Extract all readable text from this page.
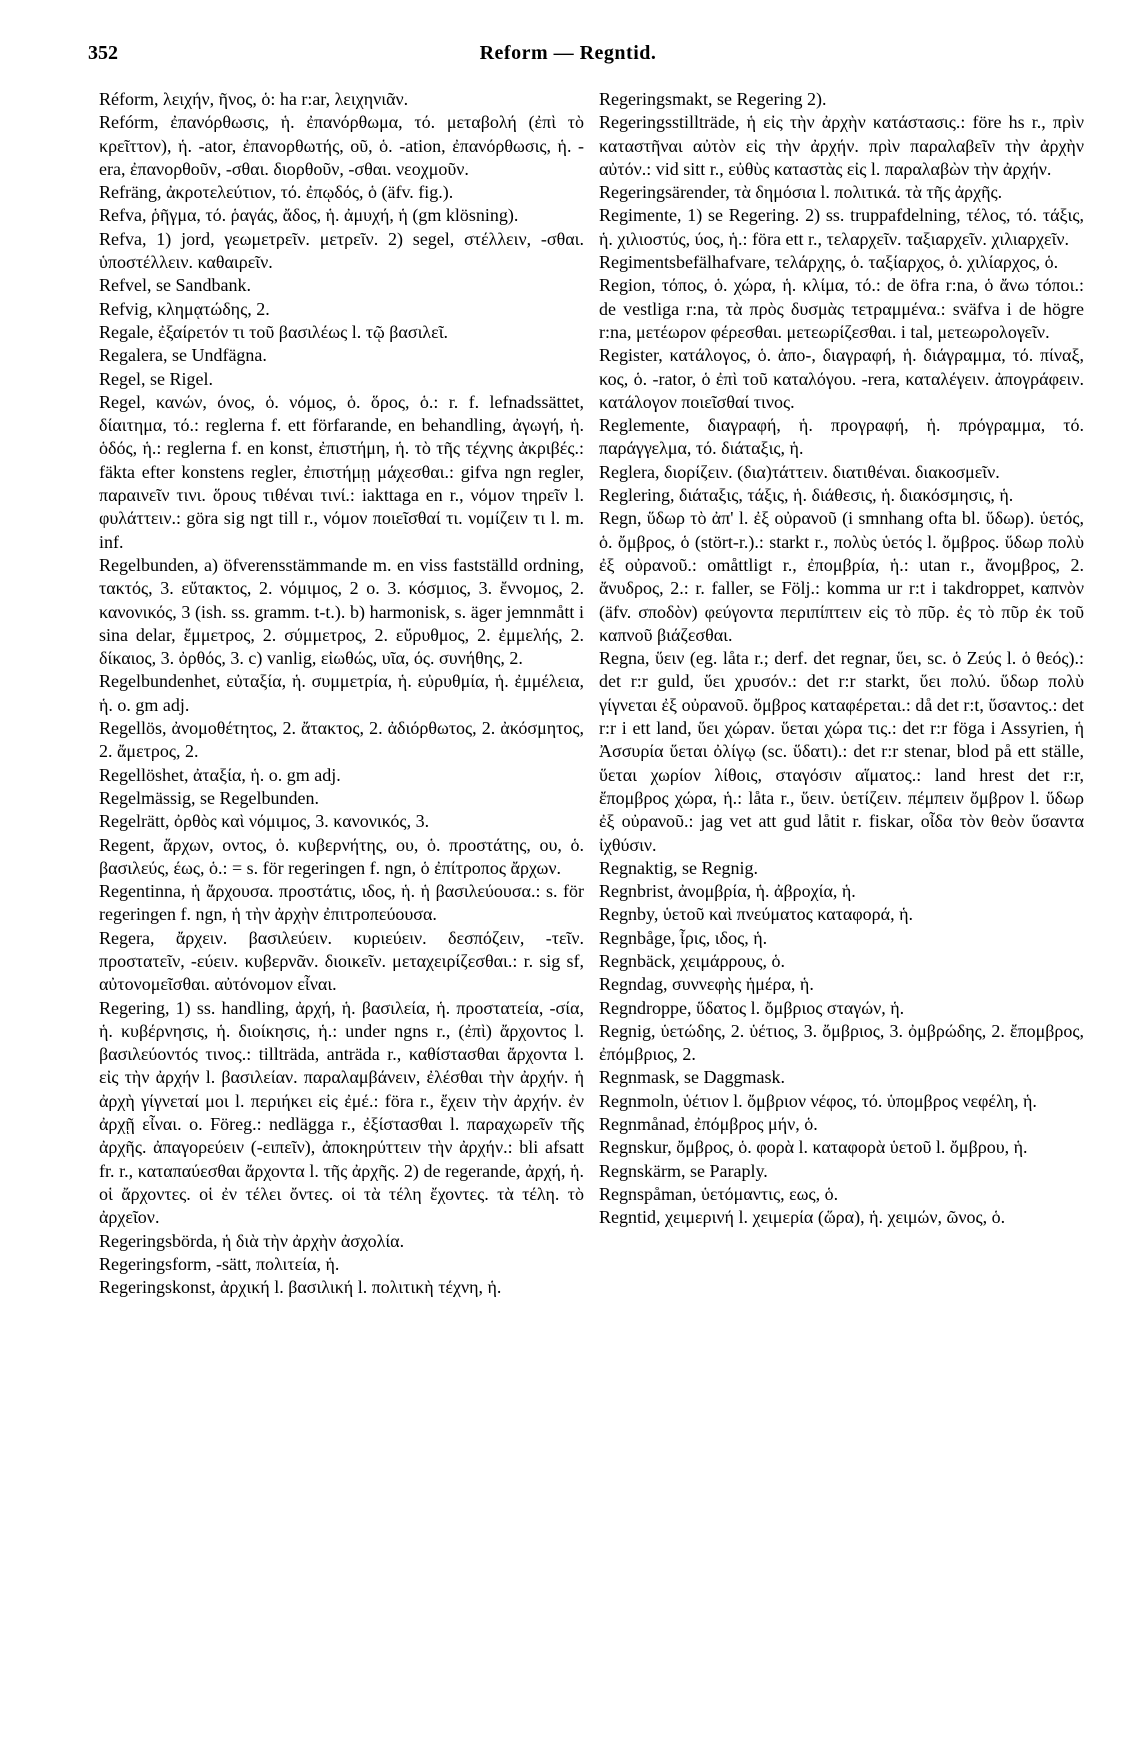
352	Reform — Regntid.
Réform, λειχήν, ῆνος, ὁ: ha r:ar, λειχηνιᾶν.
Refórm, ἐπανόρθωσις, ἡ. ἐπανόρθωμα, τό. μεταβολή (ἐπὶ τὸ κρεῖττον), ἡ. -ator, ἐπανορθωτής, οῦ, ὁ. -ation, ἐπανόρθωσις, ἡ. -era, ἐπανορθοῦν, -σθαι. διορθοῦν, -σθαι. νεοχμοῦν.
Refräng, ἀκροτελεύτιον, τό. ἐπῳδός, ὁ (äfv. fig.).
Refva, ῥῆγμα, τό. ῥαγάς, ἄδος, ἡ. ἀμυχή, ἡ (gm klösning).
Refva, 1) jord, γεωμετρεῖν. μετρεῖν. 2) segel, στέλλειν, -σθαι. ὑποστέλλειν. καθαιρεῖν.
Refvel, se Sandbank.
Refvig, κλημᾳτώδης, 2.
Regale, ἐξαίρετόν τι τοῦ βασιλέως l. τῷ βασιλεῖ.
Regalera, se Undfägna.
Regel, se Rigel.
Regel, κανών, όνος, ὁ. νόμος, ὁ. ὅρος, ὁ.: r. f. lefnadssättet, δίαιτημα, τό.: reglerna f. ett förfarande, en behandling, ἀγωγή, ἡ. ὁδός, ἡ.: reglerna f. en konst, ἐπιστήμη, ἡ. τὸ τῆς τέχνης ἀκριβές.: fäkta efter konstens regler, ἐπιστήμῃ μάχεσθαι.: gifva ngn regler, παραινεῖν τινι. ὅρους τιθέναι τινί.: iakttaga en r., νόμον τηρεῖν l. φυλάττειν.: göra sig ngt till r., νόμον ποιεῖσθαί τι. νομίζειν τι l. m. inf.
Regelbunden, a) öfverensstämmande m. en viss fastställd ordning, τακτός, 3. εὔτακτος, 2. νόμιμος, 2 o. 3. κόσμιος, 3. ἔννομος, 2. κανονικός, 3 (ish. ss. gramm. t-t.). b) harmonisk, s. äger jemnmått i sina delar, ἔμμετρος, 2. σύμμετρος, 2. εὔρυθμος, 2. ἐμμελής, 2. δίκαιος, 3. ὀρθός, 3. c) vanlig, εἰωθώς, υῖα, ός. συνήθης, 2.
Regelbundenhet, εὐταξία, ἡ. συμμετρία, ἡ. εὐρυθμία, ἡ. ἐμμέλεια, ἡ. o. gm adj.
Regellös, ἀνομοθέτητος, 2. ἄτακτος, 2. ἀδιόρθωτος, 2. ἀκόσμητος, 2. ἄμετρος, 2.
Regellöshet, ἀταξία, ἡ. o. gm adj.
Regelmässig, se Regelbunden.
Regelrätt, ὀρθὸς καὶ νόμιμος, 3. κανονικός, 3.
Regent, ἄρχων, οντος, ὁ. κυβερνήτης, ου, ὁ. προστάτης, ου, ὁ. βασιλεύς, έως, ὁ.: = s. för regeringen f. ngn, ὁ ἐπίτροπος ἄρχων.
Regentinna, ἡ ἄρχουσα. προστάτις, ιδος, ἡ. ἡ βασιλεύουσα.: s. för regeringen f. ngn, ἡ τὴν ἀρχὴν ἐπιτροπεύουσα.
Regera, ἄρχειν. βασιλεύειν. κυριεύειν. δεσπόζειν, -τεῖν. προστατεῖν, -εύειν. κυβερνᾶν. διοικεῖν. μεταχειρίζεσθαι.: r. sig sf, αὐτονομεῖσθαι. αὐτόνομον εἶναι.
Regering, 1) ss. handling, ἀρχή, ἡ. βασιλεία, ἡ. προστατεία, -σία, ἡ. κυβέρνησις, ἡ. διοίκησις, ἡ.: under ngns r., (ἐπὶ) ἄρχοντος l. βασιλεύοντός τινος.: tillträda, anträda r., καθίστασθαι ἄρχοντα l. εἰς τὴν ἀρχήν l. βασιλείαν. παραλαμβάνειν, ἐλέσθαι τὴν ἀρχήν. ἡ ἀρχὴ γίγνεταί μοι l. περιήκει εἰς ἐμέ.: föra r., ἔχειν τὴν ἀρχήν. ἐν ἀρχῇ εἶναι. o. Föreg.: nedlägga r., ἐξίστασθαι l. παραχωρεῖν τῆς ἀρχῆς. ἀπαγορεύειν (-ειπεῖν), ἀποκηρύττειν τὴν ἀρχήν.: bli afsatt fr. r., καταπαύεσθαι ἄρχοντα l. τῆς ἀρχῆς. 2) de regerande, ἀρχή, ἡ. οἱ ἄρχοντες. οἱ ἐν τέλει ὄντες. οἱ τὰ τέλη ἔχοντες. τὰ τέλη. τὸ ἀρχεῖον.
Regeringsbörda, ἡ διὰ τὴν ἀρχὴν ἀσχολία.
Regeringsform, -sätt, πολιτεία, ἡ.
Regeringskonst, ἀρχική l. βασιλική l. πολιτικὴ τέχνη, ἡ.
Regeringsmakt, se Regering 2).
Regeringsstillträde, ἡ εἰς τὴν ἀρχὴν κατάστασις.: före hs r., πρὶν καταστῆναι αὐτὸν εἰς τὴν ἀρχήν. πρὶν παραλαβεῖν τὴν ἀρχὴν αὐτόν.: vid sitt r., εὐθὺς καταστὰς εἰς l. παραλαβὼν τὴν ἀρχήν.
Regeringsärender, τὰ δημόσια l. πολιτικά. τὰ τῆς ἀρχῆς.
Regimente, 1) se Regering. 2) ss. truppafdelning, τέλος, τό. τάξις, ἡ. χιλιοστύς, ύος, ἡ.: föra ett r., τελαρχεῖν. ταξιαρχεῖν. χιλιαρχεῖν.
Regimentsbefälhafvare, τελάρχης, ὁ. ταξίαρχος, ὁ. χιλίαρχος, ὁ.
Region, τόπος, ὁ. χώρα, ἡ. κλίμα, τό.: de öfra r:na, ὁ ἄνω τόποι.: de vestliga r:na, τὰ πρὸς δυσμὰς τετραμμένα.: sväfva i de högre r:na, μετέωρον φέρεσθαι. μετεωρίζεσθαι. i tal, μετεωρολογεῖν.
Register, κατάλογος, ὁ. ἀπο-, διαγραφή, ἡ. διάγραμμα, τό. πίναξ, κος, ὁ. -rator, ὁ ἐπὶ τοῦ καταλόγου. -rera, καταλέγειν. ἀπογράφειν. κατάλογον ποιεῖσθαί τινος.
Reglemente, διαγραφή, ἡ. προγραφή, ἡ. πρόγραμμα, τό. παράγγελμα, τό. διάταξις, ἡ.
Reglera, διορίζειν. (δια)τάττειν. διατιθέναι. διακοσμεῖν.
Reglering, διάταξις, τάξις, ἡ. διάθεσις, ἡ. διακόσμησις, ἡ.
Regn, ὕδωρ τὸ ἀπ' l. ἐξ οὐρανοῦ (i smnhang ofta bl. ὕδωρ). ὑετός, ὁ. ὄμβρος, ὁ (stört-r.).: starkt r., πολὺς ὑετός l. ὄμβρος. ὕδωρ πολὺ ἐξ οὐρανοῦ.: omåttligt r., ἐπομβρία, ἡ.: utan r., ἄνομβρος, 2. ἄνυδρος, 2.: r. faller, se Följ.: komma ur r:t i takdroppet, καπνὸν (äfv. σποδὸν) φεύγοντα περιπίπτειν εἰς τὸ πῦρ. ἐς τὸ πῦρ ἐκ τοῦ καπνοῦ βιάζεσθαι.
Regna, ὕειν (eg. låta r.; derf. det regnar, ὕει, sc. ὁ Ζεύς l. ὁ θεός).: det r:r guld, ὕει χρυσόν.: det r:r starkt, ὕει πολύ. ὕδωρ πολὺ γίγνεται ἐξ οὐρανοῦ. ὄμβρος καταφέρεται.: då det r:t, ὕσαντος.: det r:r i ett land, ὕει χώραν. ὕεται χώρα τις.: det r:r föga i Assyrien, ἡ Ἀσσυρία ὕεται ὀλίγῳ (sc. ὕδατι).: det r:r stenar, blod på ett ställe, ὕεται χωρίον λίθοις, σταγόσιν αἵματος.: land hrest det r:r, ἔπομβρος χώρα, ἡ.: låta r., ὕειν. ὑετίζειν. πέμπειν ὄμβρον l. ὕδωρ ἐξ οὐρανοῦ.: jag vet att gud låtit r. fiskar, οἶδα τὸν θεὸν ὕσαντα ἰχθύσιν.
Regnaktig, se Regnig.
Regnbrist, ἀνομβρία, ἡ. ἀβροχία, ἡ.
Regnby, ὑετοῦ καὶ πνεύματος καταφορά, ἡ.
Regnbåge, ἶρις, ιδος, ἡ.
Regnbäck, χειμάρρους, ὁ.
Regndag, συννεφὴς ἡμέρα, ἡ.
Regndroppe, ὕδατος l. ὄμβριος σταγών, ἡ.
Regnig, ὑετώδης, 2. ὑέτιος, 3. ὄμβριος, 3. ὀμβρώδης, 2. ἔπομβρος, ἐπόμβριος, 2.
Regnmask, se Daggmask.
Regnmoln, ὑέτιον l. ὄμβριον νέφος, τό. ὑπομβρος νεφέλη, ἡ.
Regnmånad, ἐπόμβρος μήν, ὁ.
Regnskur, ὄμβρος, ὁ. φορὰ l. καταφορὰ ὑετοῦ l. ὄμβρου, ἡ.
Regnskärm, se Paraply.
Regnspåman, ὑετόμαντις, εως, ὁ.
Regntid, χειμερινή l. χειμερία (ὥρα), ἡ. χειμών, ῶνος, ὁ.
